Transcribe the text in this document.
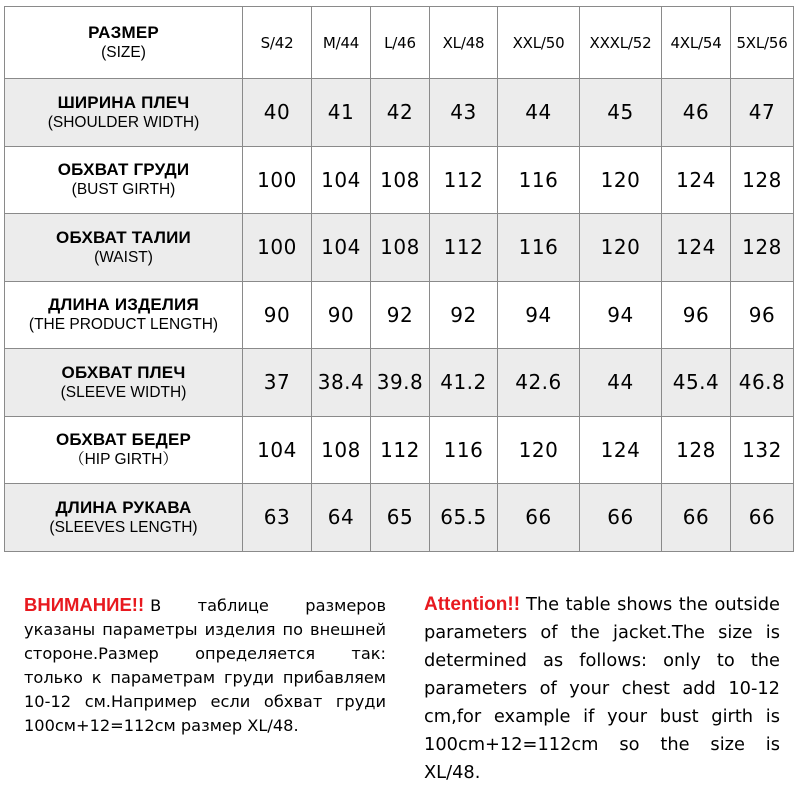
РАЗМЕР
(SIZE)	S/42	M/44	L/46	XL/48	XXL/50	XXXL/52	4XL/54	5XL/56

ШИРИНА ПЛЕЧ
(SHOULDER WIDTH)	40	41	42	43	44	45	46	47

ОБХВАТ ГРУДИ
(BUST GIRTH)	100	104	108	112	116	120	124	128

ОБХВАТ ТАЛИИ
(WAIST)	100	104	108	112	116	120	124	128

ДЛИНА ИЗДЕЛИЯ
(THE PRODUCT LENGTH)	90	90	92	92	94	94	96	96

ОБХВАТ ПЛЕЧ
(SLEEVE WIDTH)	37	38.4	39.8	41.2	42.6	44	45.4	46.8

ОБХВАТ БЕДЕР
（HIP GIRTH）	104	108	112	116	120	124	128	132

ДЛИНА РУКАВА
(SLEEVES LENGTH)	63	64	65	65.5	66	66	66	66
ВНИМАНИЕ!! В таблице размеров указаны параметры изделия по внешней стороне.Размер определяется так: только к параметрам груди прибавляем 10-12 см.Например если обхват груди 100см+12=112см размер XL/48.
Attention!! The table shows the outside parameters of the jacket.The size is determined as follows: only to the parameters of your chest add 10-12 cm,for example if your bust girth is 100cm+12=112cm so the size is XL/48.
